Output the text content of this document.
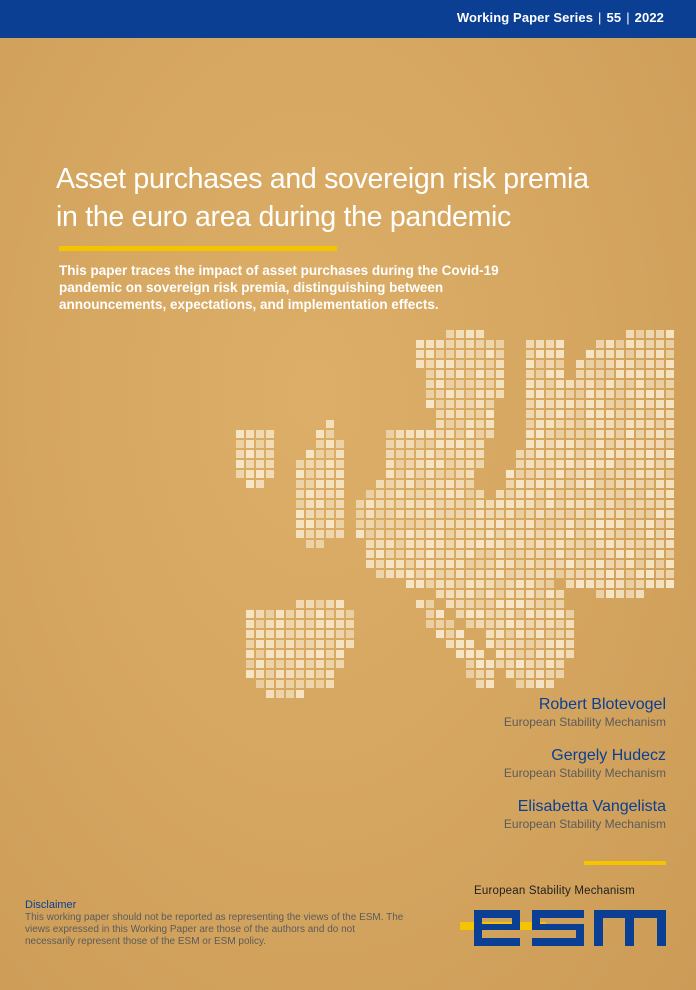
Working Paper Series | 55 | 2022
Asset purchases and sovereign risk premia
in the euro area during the pandemic

This paper traces the impact of asset purchases during the Covid-19 pandemic on sovereign risk premia, distinguishing between announcements, expectations, and implementation effects.

Robert Blotevogel
European Stability Mechanism
Gergely Hudecz
European Stability Mechanism
Elisabetta Vangelista
European Stability Mechanism
Disclaimer
This working paper should not be reported as representing the views of the ESM. The views expressed in this Working Paper are those of the authors and do not necessarily represent those of the ESM or ESM policy.
European Stability Mechanism
